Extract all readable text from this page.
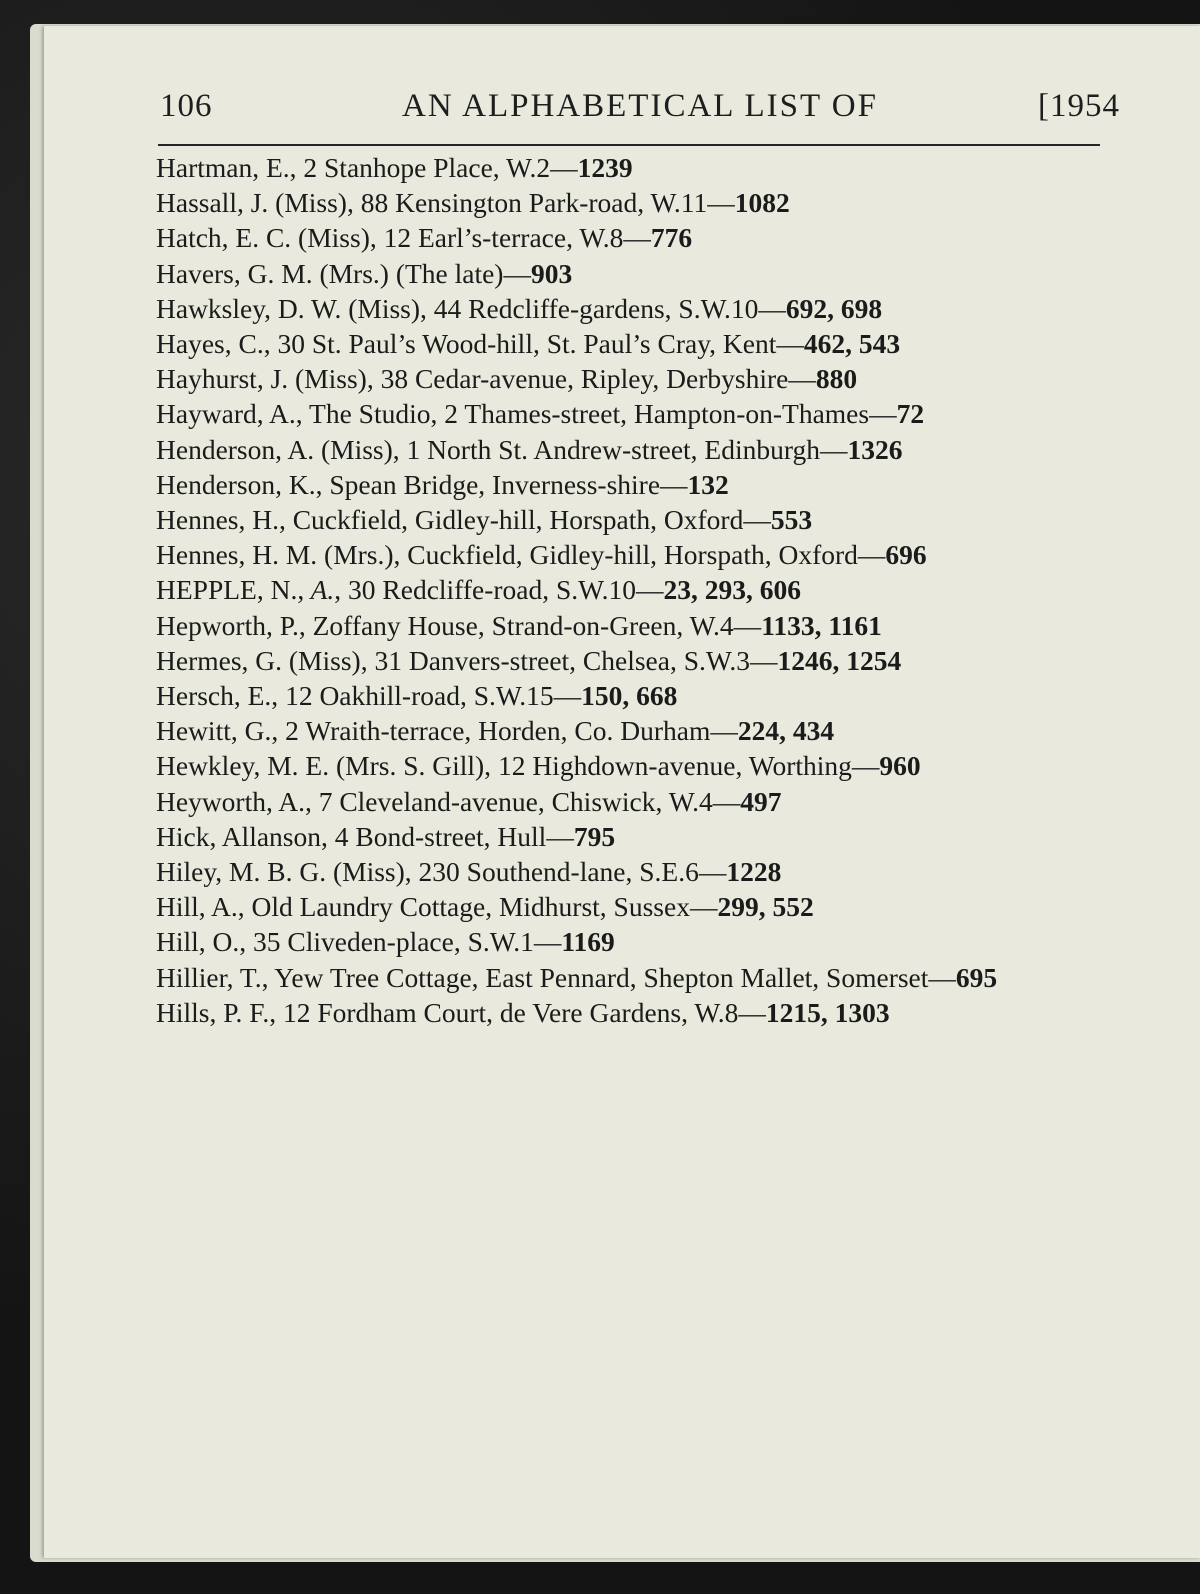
106	AN ALPHABETICAL LIST OF	[1954
Hartman, E., 2 Stanhope Place, W.2—1239
Hassall, J. (Miss), 88 Kensington Park-road, W.11—1082
Hatch, E. C. (Miss), 12 Earl’s-terrace, W.8—776
Havers, G. M. (Mrs.) (The late)—903
Hawksley, D. W. (Miss), 44 Redcliffe-gardens, S.W.10—692, 698
Hayes, C., 30 St. Paul’s Wood-hill, St. Paul’s Cray, Kent—462, 543
Hayhurst, J. (Miss), 38 Cedar-avenue, Ripley, Derbyshire—880
Hayward, A., The Studio, 2 Thames-street, Hampton-on-Thames—72
Henderson, A. (Miss), 1 North St. Andrew-street, Edinburgh—1326
Henderson, K., Spean Bridge, Inverness-shire—132
Hennes, H., Cuckfield, Gidley-hill, Horspath, Oxford—553
Hennes, H. M. (Mrs.), Cuckfield, Gidley-hill, Horspath, Oxford—696
HEPPLE, N., A., 30 Redcliffe-road, S.W.10—23, 293, 606
Hepworth, P., Zoffany House, Strand-on-Green, W.4—1133, 1161
Hermes, G. (Miss), 31 Danvers-street, Chelsea, S.W.3—1246, 1254
Hersch, E., 12 Oakhill-road, S.W.15—150, 668
Hewitt, G., 2 Wraith-terrace, Horden, Co. Durham—224, 434
Hewkley, M. E. (Mrs. S. Gill), 12 Highdown-avenue, Worthing—960
Heyworth, A., 7 Cleveland-avenue, Chiswick, W.4—497
Hick, Allanson, 4 Bond-street, Hull—795
Hiley, M. B. G. (Miss), 230 Southend-lane, S.E.6—1228
Hill, A., Old Laundry Cottage, Midhurst, Sussex—299, 552
Hill, O., 35 Cliveden-place, S.W.1—1169
Hillier, T., Yew Tree Cottage, East Pennard, Shepton Mallet, Somerset—695
Hills, P. F., 12 Fordham Court, de Vere Gardens, W.8—1215, 1303
